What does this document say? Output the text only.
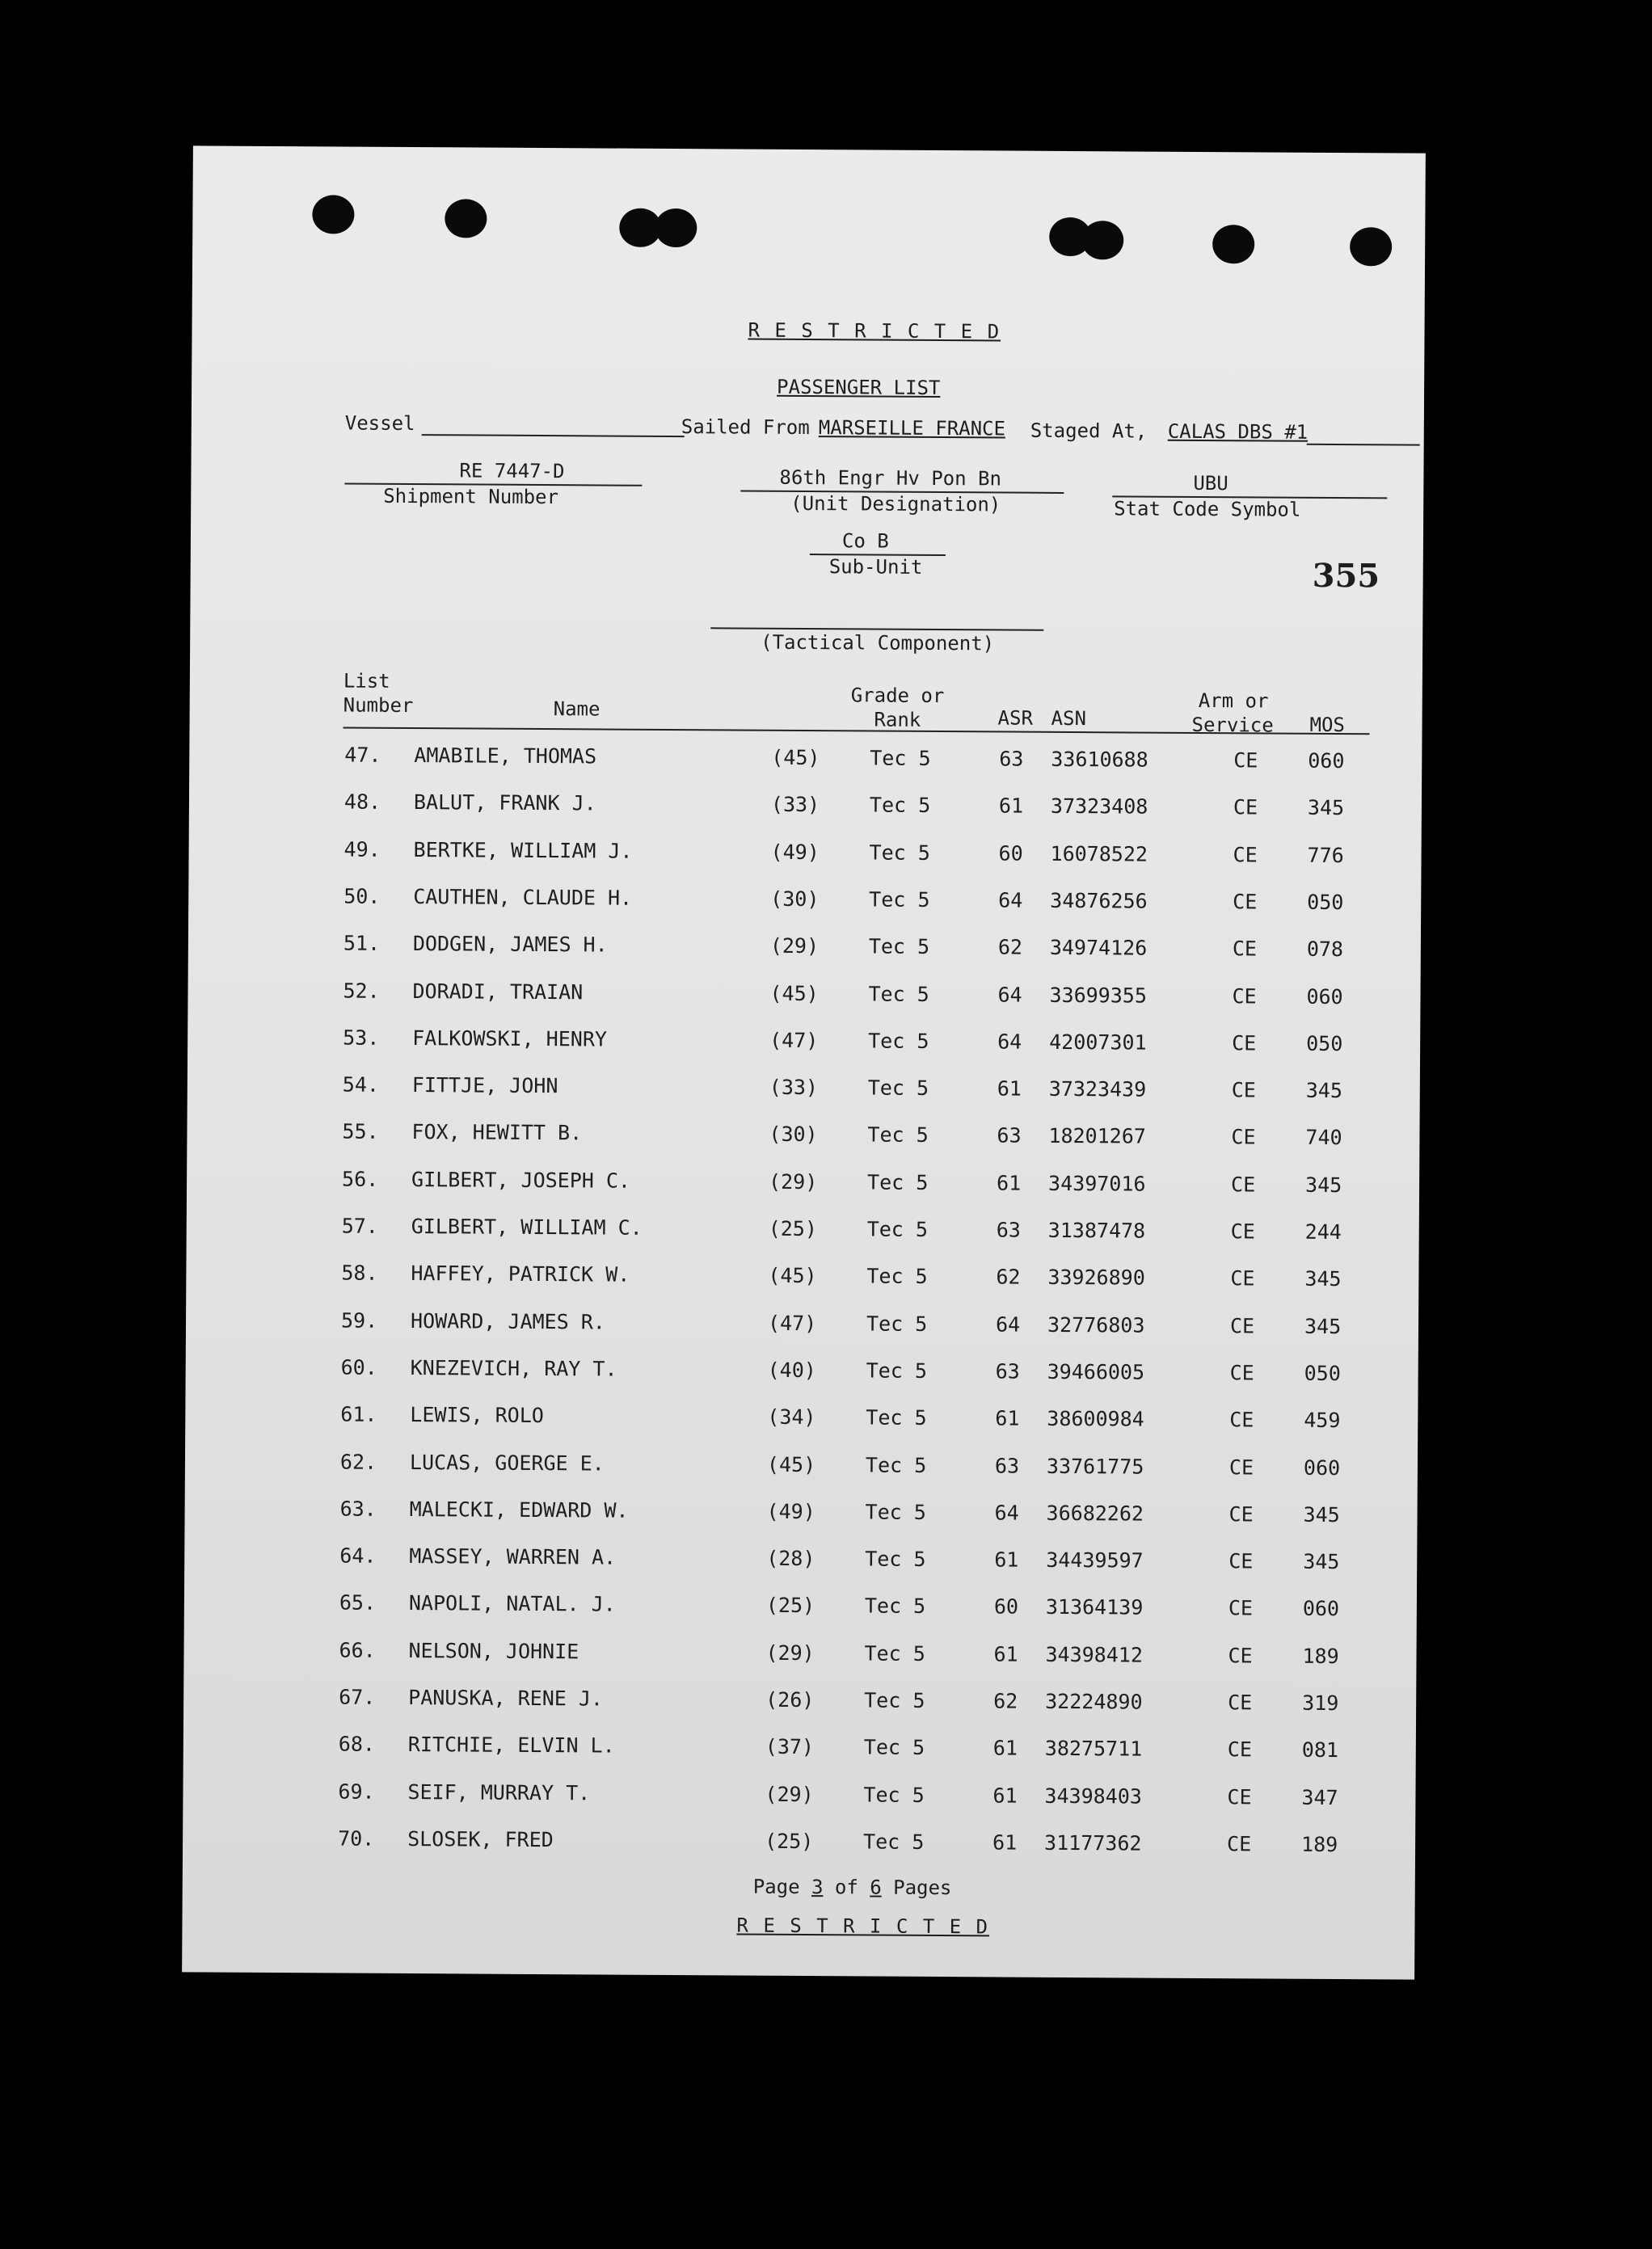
R E S T R I C T E D
PASSENGER LIST
Vessel	Sailed From MARSEILLE FRANCE Staged At, CALAS DBS #1
RE 7447-D
Shipment Number
86th Engr Hv Pon Bn
(Unit Designation)
UBU
Stat Code Symbol
Co B
Sub-Unit	355
(Tactical Component)
List
Number	Name
Grade or
Rank	ASR ASN
Arm or
Service MOS
47. AMABILE, THOMAS	(45) Tec 5	63 33610688	CE 060
48. BALUT, FRANK J.	(33) Tec 5	61 37323408	CE 345
49. BERTKE, WILLIAM J.	(49) Tec 5	60 16078522	CE 776
50. CAUTHEN, CLAUDE H.	(30) Tec 5	64 34876256	CE 050
51. DODGEN, JAMES H.	(29) Tec 5	62 34974126	CE 078
52. DORADI, TRAIAN	(45) Tec 5	64 33699355	CE 060
53. FALKOWSKI, HENRY	(47) Tec 5	64 42007301	CE 050
54. FITTJE, JOHN	(33) Tec 5	61 37323439	CE 345
55. FOX, HEWITT B.	(30) Tec 5	63 18201267	CE 740
56. GILBERT, JOSEPH C.	(29) Tec 5	61 34397016	CE 345
57. GILBERT, WILLIAM C.	(25) Tec 5	63 31387478	CE 244
58. HAFFEY, PATRICK W.	(45) Tec 5	62 33926890	CE 345
59. HOWARD, JAMES R.	(47) Tec 5	64 32776803	CE 345
60. KNEZEVICH, RAY T.	(40) Tec 5	63 39466005	CE 050
61. LEWIS, ROLO	(34) Tec 5	61 38600984	CE 459
62. LUCAS, GOERGE E.	(45) Tec 5	63 33761775	CE 060
63. MALECKI, EDWARD W.	(49) Tec 5	64 36682262	CE 345
64. MASSEY, WARREN A.	(28) Tec 5	61 34439597	CE 345
65. NAPOLI, NATAL. J.	(25) Tec 5	60 31364139	CE 060
66. NELSON, JOHNIE	(29) Tec 5	61 34398412	CE 189
67. PANUSKA, RENE J.	(26) Tec 5	62 32224890	CE 319
68. RITCHIE, ELVIN L.	(37) Tec 5	61 38275711	CE 081
69. SEIF, MURRAY T.	(29) Tec 5	61 34398403	CE 347
70. SLOSEK, FRED	(25) Tec 5	61 31177362	CE 189
Page 3 of 6 Pages
R E S T R I C T E D
